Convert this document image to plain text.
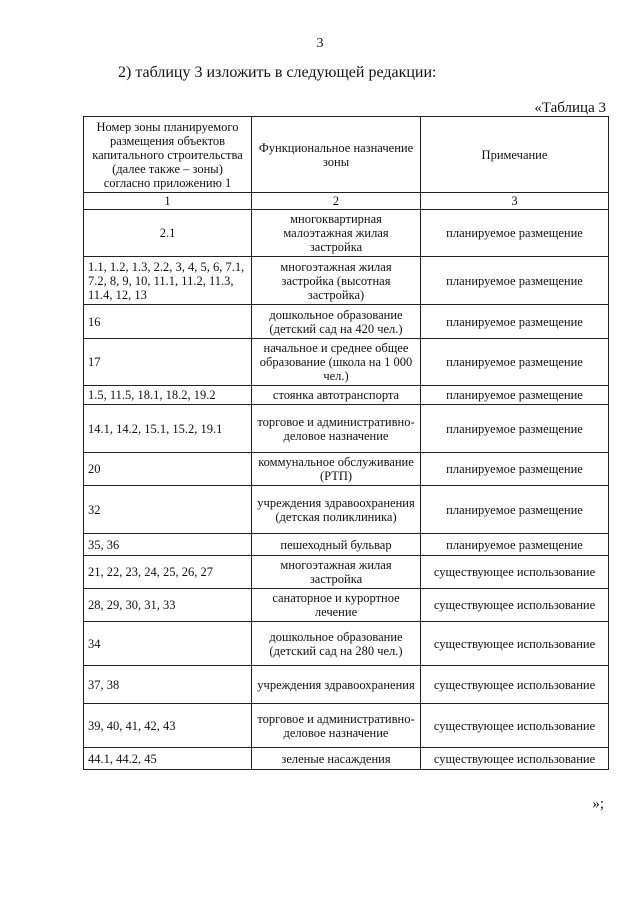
3
2) таблицу 3 изложить в следующей редакции:
«Таблица 3
Номер зоны планируемого размещения объектов капитального строительства (далее также – зоны) согласно приложению 1	Функциональное назначение зоны	Примечание
1	2	3
2.1	многоквартирная малоэтажная жилая застройка	планируемое размещение
1.1, 1.2, 1.3, 2.2, 3, 4, 5, 6, 7.1, 7.2, 8, 9, 10, 11.1, 11.2, 11.3, 11.4, 12, 13	многоэтажная жилая застройка (высотная застройка)	планируемое размещение
16	дошкольное образование (детский сад на 420 чел.)	планируемое размещение
17	начальное и среднее общее образование (школа на 1 000 чел.)	планируемое размещение
1.5, 11.5, 18.1, 18.2, 19.2	стоянка автотранспорта	планируемое размещение
14.1, 14.2, 15.1, 15.2, 19.1	торговое и административно-деловое назначение	планируемое размещение
20	коммунальное обслуживание (РТП)	планируемое размещение
32	учреждения здравоохранения (детская поликлиника)	планируемое размещение
35, 36	пешеходный бульвар	планируемое размещение
21, 22, 23, 24, 25, 26, 27	многоэтажная жилая застройка	существующее использование
28, 29, 30, 31, 33	санаторное и курортное лечение	существующее использование
34	дошкольное образование (детский сад на 280 чел.)	существующее использование
37, 38	учреждения здравоохранения	существующее использование
39, 40, 41, 42, 43	торговое и административно-деловое назначение	существующее использование
44.1, 44.2, 45	зеленые насаждения	существующее использование
»;
